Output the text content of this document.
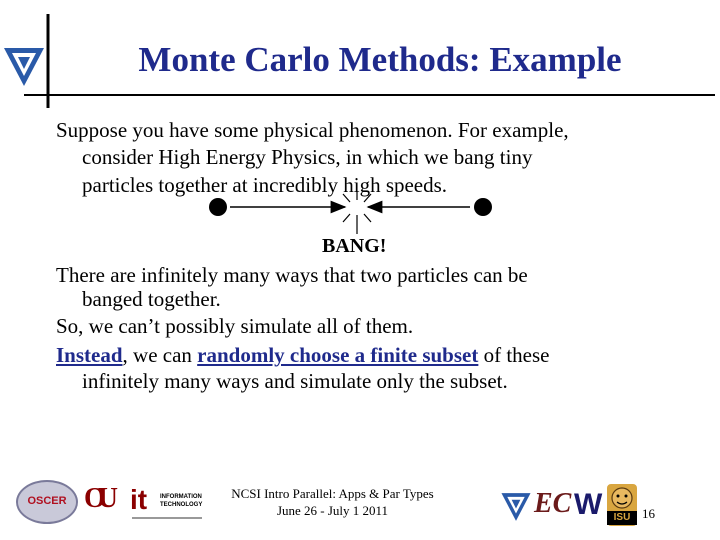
Monte Carlo Methods: Example
Suppose you have some physical phenomenon. For example,
consider High Energy Physics, in which we bang tiny
particles together at incredibly high speeds.
BANG!
There are infinitely many ways that two particles can be
banged together.
So, we can’t possibly simulate all of them.
Instead, we can randomly choose a finite subset of these
infinitely many ways and simulate only the subset.
OSCER OU it INFORMATION
TECHNOLOGY
NCSI Intro Parallel: Apps & Par Types
June 26 - July 1 2011	EC W	ISU 16
